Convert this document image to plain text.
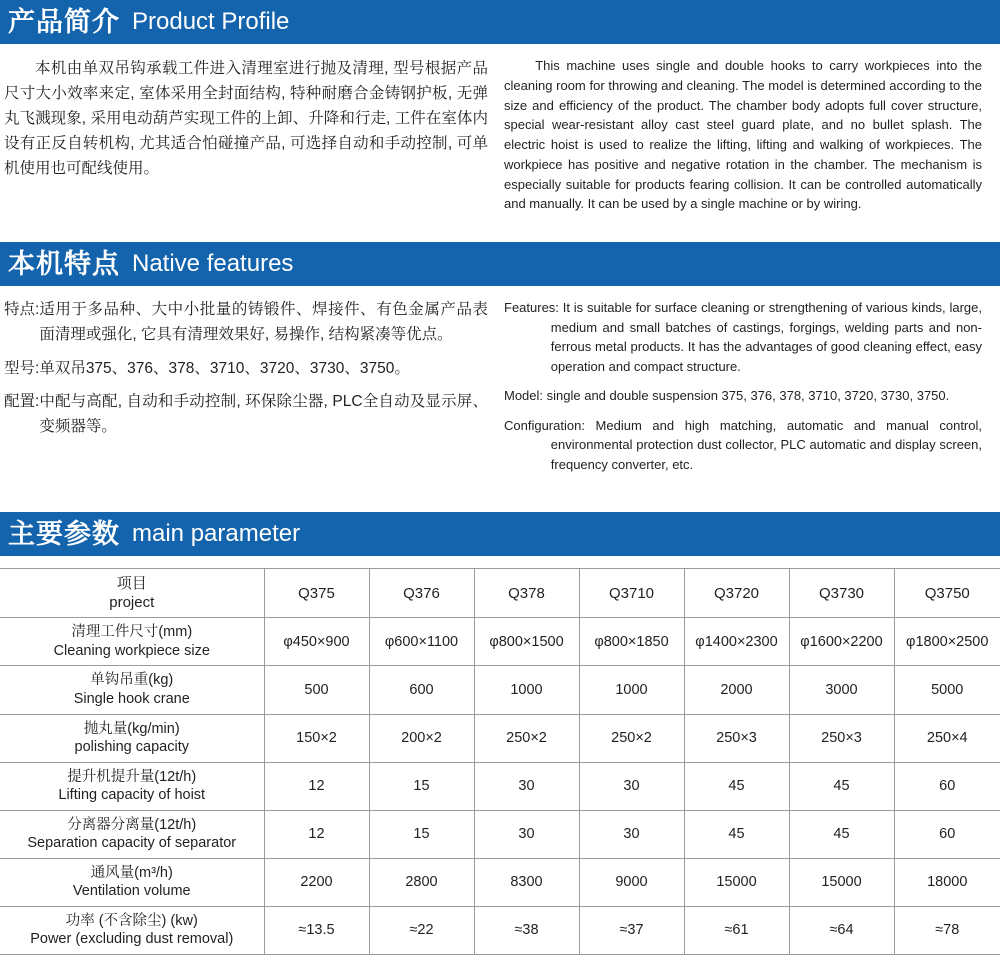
产品简介 Product Profile

本机由单双吊钩承载工件进入清理室进行抛及清理, 型号根据产品尺寸大小效率来定, 室体采用全封面结构, 特种耐磨合金铸钢护板, 无弹丸飞溅现象, 采用电动葫芦实现工件的上卸、升降和行走, 工件在室体内设有正反自转机构, 尤其适合怕碰撞产品, 可选择自动和手动控制, 可单机使用也可配线使用。

This machine uses single and double hooks to carry workpieces into the cleaning room for throwing and cleaning. The model is determined according to the size and efficiency of the product. The chamber body adopts full cover structure, special wear-resistant alloy cast steel guard plate, and no bullet splash. The electric hoist is used to realize the lifting, lifting and walking of workpieces. The workpiece has positive and negative rotation in the chamber. The mechanism is especially suitable for products fearing collision. It can be controlled automatically and manually. It can be used by a single machine or by wiring.

本机特点 Native features
特点: 适用于多品种、大中小批量的铸锻件、焊接件、有色金属产品表面清理或强化, 它具有清理效果好, 易操作, 结构紧凑等优点。
型号: 单双吊375、376、378、3710、3720、3730、3750。
配置: 中配与高配, 自动和手动控制, 环保除尘器, PLC全自动及显示屏、变频器等。
Features: It is suitable for surface cleaning or strengthening of various kinds, large, medium and small batches of castings, forgings, welding parts and non-ferrous metal products. It has the advantages of good cleaning effect, easy operation and compact structure.
Model: single and double suspension 375, 376, 378, 3710, 3720, 3730, 3750.
Configuration: Medium and high matching, automatic and manual control, environmental protection dust collector, PLC automatic and display screen, frequency converter, etc.
主要参数 main parameter
项目
project	Q375	Q376	Q378	Q3710	Q3720	Q3730	Q3750

清理工件尺寸(mm)
Cleaning workpiece size	φ450×900	φ600×1100	φ800×1500	φ800×1850	φ1400×2300	φ1600×2200	φ1800×2500

单钩吊重(kg)
Single hook crane	500	600	1000	1000	2000	3000	5000

抛丸量(kg/min)
polishing capacity	150×2	200×2	250×2	250×2	250×3	250×3	250×4

提升机提升量(12t/h)
Lifting capacity of hoist	12	15	30	30	45	45	60

分离器分离量(12t/h)
Separation capacity of separator	12	15	30	30	45	45	60

通风量(m³/h)
Ventilation volume	2200	2800	8300	9000	15000	15000	18000

功率 (不含除尘) (kw)
Power (excluding dust removal)	≈13.5	≈22	≈38	≈37	≈61	≈64	≈78
